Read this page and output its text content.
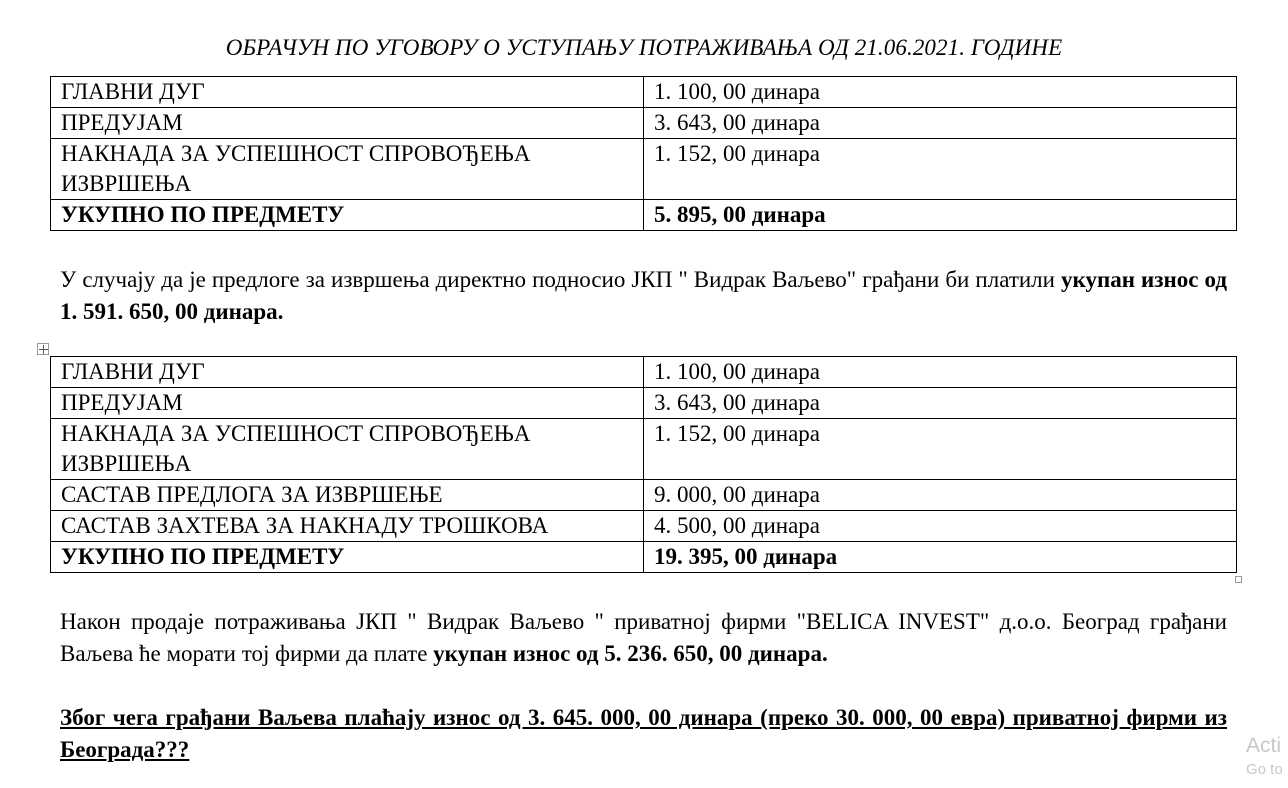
ОБРАЧУН ПО УГОВОРУ О УСТУПАЊУ ПОТРАЖИВАЊА ОД 21.06.2021. ГОДИНЕ
ГЛАВНИ ДУГ	1. 100, 00 динара
ПРЕДУЈАМ	3. 643, 00 динара
НАКНАДА ЗА УСПЕШНОСТ СПРОВОЂЕЊА ИЗВРШЕЊА	1. 152, 00 динара
УКУПНО ПО ПРЕДМЕТУ	5. 895, 00 динара
У случају да је предлоге за извршења директно подносио ЈКП " Видрак Ваљево" грађани би платили укупан износ од 1. 591. 650, 00 динара.
ГЛАВНИ ДУГ	1. 100, 00 динара
ПРЕДУЈАМ	3. 643, 00 динара
НАКНАДА ЗА УСПЕШНОСТ СПРОВОЂЕЊА ИЗВРШЕЊА	1. 152, 00 динара
САСТАВ ПРЕДЛОГА ЗА ИЗВРШЕЊЕ	9. 000, 00 динара
САСТАВ ЗАХТЕВА ЗА НАКНАДУ ТРОШКОВА	4. 500, 00 динара
УКУПНО ПО ПРЕДМЕТУ	19. 395, 00 динара
Након продаје потраживања ЈКП " Видрак Ваљево " приватној фирми "BELICA INVEST" д.о.о. Београд грађани Ваљева ће морати тој фирми да плате укупан износ од 5. 236. 650, 00 динара.
Због чега грађани Ваљева плаћају износ од 3. 645. 000, 00 динара (преко 30. 000, 00 евра) приватној фирми из Београда???	Acti
Go to
